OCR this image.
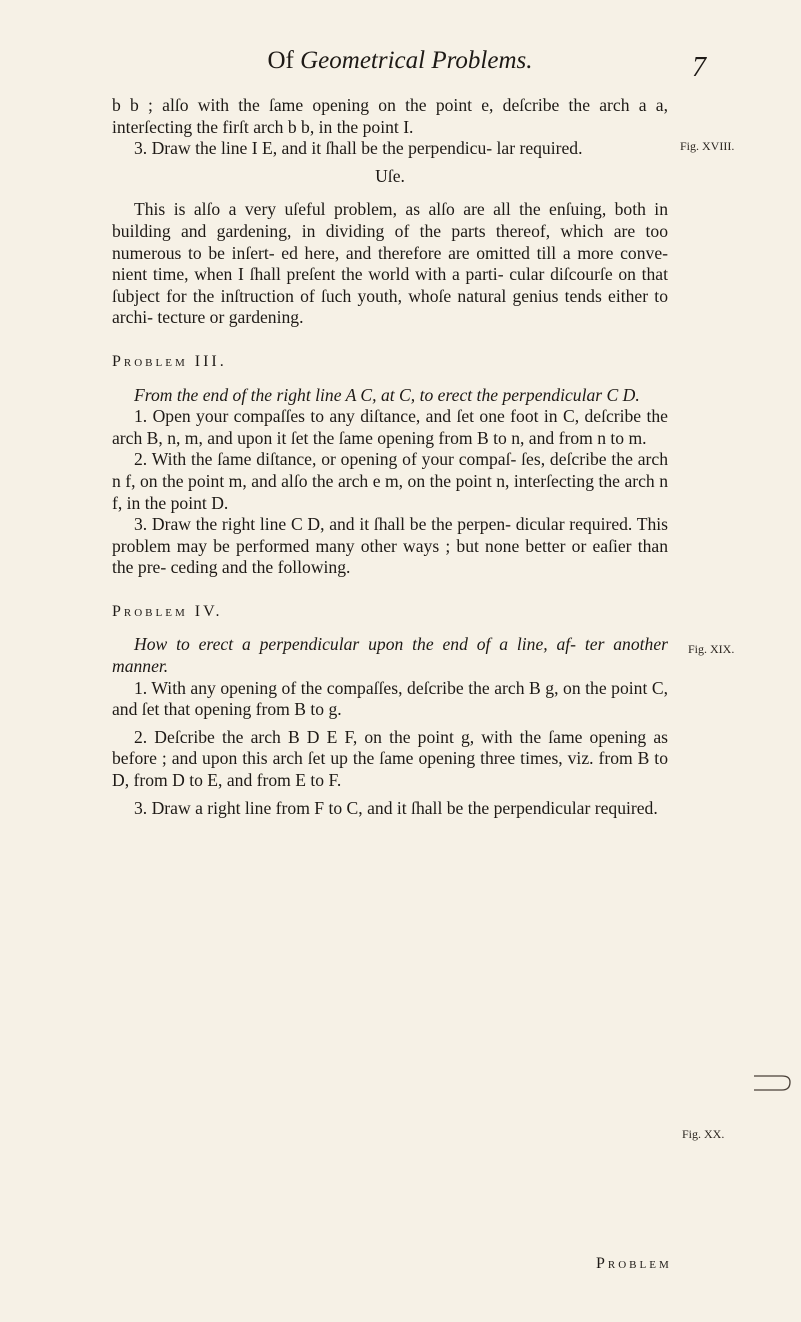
Of Geometrical Problems.	7

b b ; alſo with the ſame opening on the point e, deſcribe the arch a a, interſecting the firſt arch b b, in the point I.

3. Draw the line I E, and it ſhall be the perpendicu- lar required.

Uſe.

This is alſo a very uſeful problem, as alſo are all the enſuing, both in building and gardening, in dividing of the parts thereof, which are too numerous to be inſert- ed here, and therefore are omitted till a more conve- nient time, when I ſhall preſent the world with a parti- cular diſcourſe on that ſubject for the inſtruction of ſuch youth, whoſe natural genius tends either to archi- tecture or gardening.

Problem III.

From the end of the right line A C, at C, to erect the perpendicular C D.

1. Open your compaſſes to any diſtance, and ſet one foot in C, deſcribe the arch B, n, m, and upon it ſet the ſame opening from B to n, and from n to m.

2. With the ſame diſtance, or opening of your compaſ- ſes, deſcribe the arch n f, on the point m, and alſo the arch e m, on the point n, interſecting the arch n f, in the point D.

3. Draw the right line C D, and it ſhall be the perpen- dicular required. This problem may be performed many other ways ; but none better or eaſier than the pre- ceding and the following.

Problem IV.

How to erect a perpendicular upon the end of a line, af- ter another manner.

1. With any opening of the compaſſes, deſcribe the arch B g, on the point C, and ſet that opening from B to g.

2. Deſcribe the arch B D E F, on the point g, with the ſame opening as before ; and upon this arch ſet up the ſame opening three times, viz. from B to D, from D to E, and from E to F.

3. Draw a right line from F to C, and it ſhall be the perpendicular required.

Fig. XVIII.
Fig. XIX.
Fig. XX.
Problem
